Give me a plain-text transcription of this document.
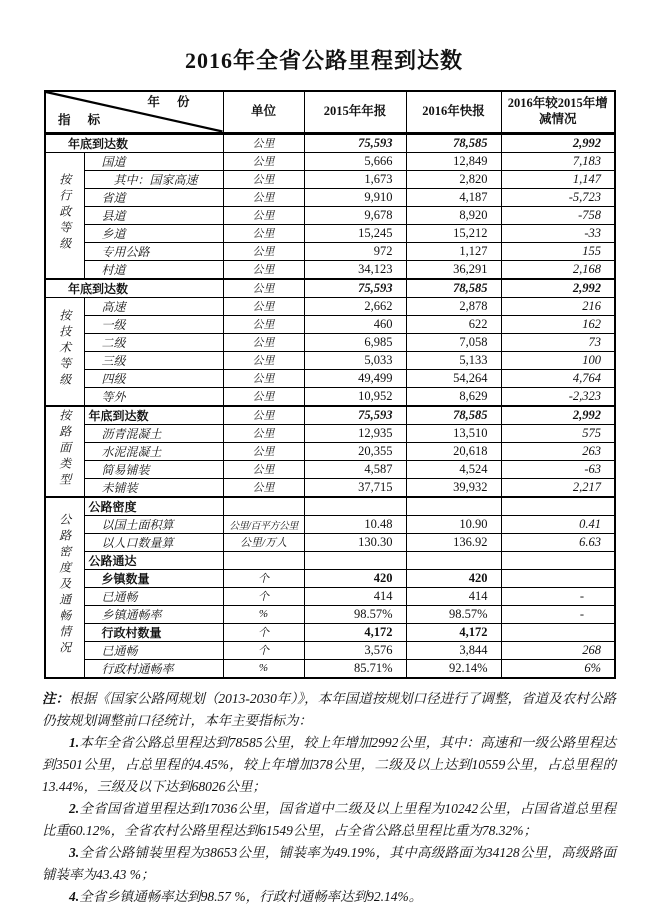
2016年全省公路里程到达数
年 份
指 标		单位	2015年年报	2016年快报	2016年较2015年增减情况
年底到达数		公里	75,593	78,585	2,992
按行政等级	国道	公里	5,666	12,849	7,183
	其中：国家高速	公里	1,673	2,820	1,147
	省道	公里	9,910	4,187	-5,723
	县道	公里	9,678	8,920	-758
	乡道	公里	15,245	15,212	-33
	专用公路	公里	972	1,127	155
	村道	公里	34,123	36,291	2,168
年底到达数		公里	75,593	78,585	2,992
按技术等级	高速	公里	2,662	2,878	216
	一级	公里	460	622	162
	二级	公里	6,985	7,058	73
	三级	公里	5,033	5,133	100
	四级	公里	49,499	54,264	4,764
	等外	公里	10,952	8,629	-2,323
按路面类型	年底到达数	公里	75,593	78,585	2,992
	沥青混凝土	公里	12,935	13,510	575
	水泥混凝土	公里	20,355	20,618	263
	简易铺装	公里	4,587	4,524	-63
	未铺装	公里	37,715	39,932	2,217
公路密度及通畅情况	公路密度				
	以国土面积算	公里/百平方公里	10.48	10.90	0.41
	以人口数量算	公里/万人	130.30	136.92	6.63
	公路通达				
	乡镇数量	个	420	420	
	已通畅	个	414	414	-
	乡镇通畅率	%	98.57%	98.57%	-
	行政村数量	个	4,172	4,172	
	已通畅	个	3,576	3,844	268
	行政村通畅率	%	85.71%	92.14%	6%

注：根据《国家公路网规划（2013-2030年）》，本年国道按规划口径进行了调整，省道及农村公路仍按规划调整前口径统计，本年主要指标为：

1.本年全省公路总里程达到78585公里，较上年增加2992公里，其中：高速和一级公路里程达到3501公里，占总里程的4.45%，较上年增加378公里，二级及以上达到10559公里，占总里程的13.44%，三级及以下达到68026公里；

2.全省国省道里程达到17036公里，国省道中二级及以上里程为10242公里，占国省道总里程比重60.12%，全省农村公路里程达到61549公里，占全省公路总里程比重为78.32%；

3.全省公路铺装里程为38653公里，铺装率为49.19%，其中高级路面为34128公里，高级路面铺装率为43.43 %；

4.全省乡镇通畅率达到98.57 %，行政村通畅率达到92.14%。
